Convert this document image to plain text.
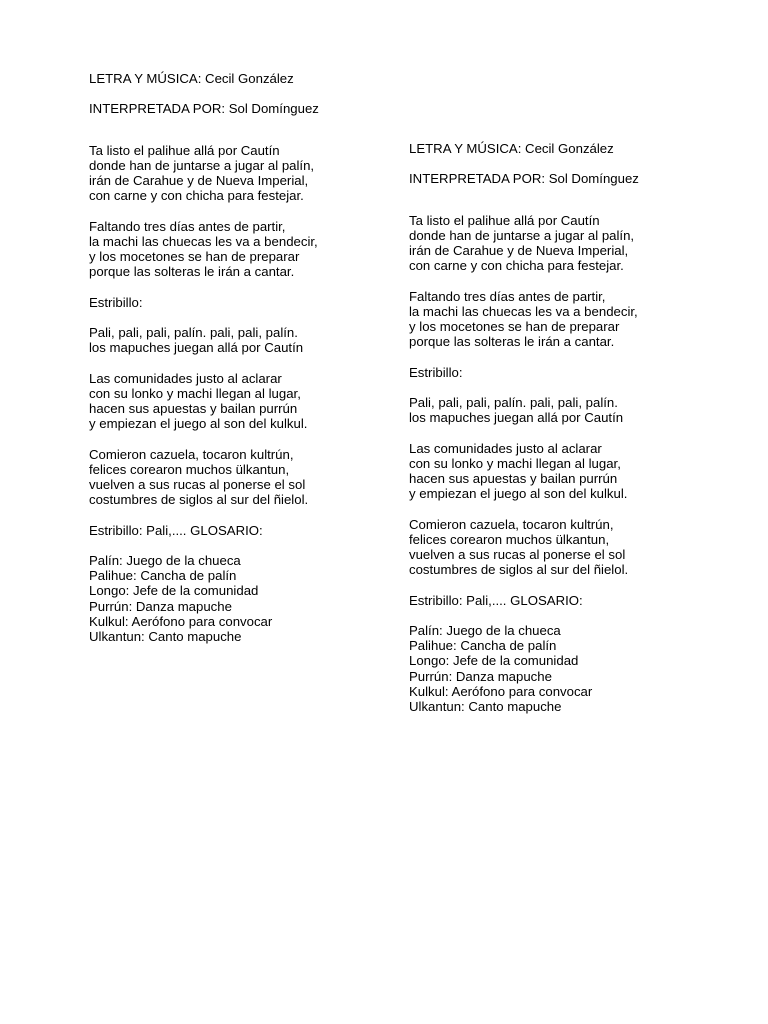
LETRA Y MÚSICA: Cecil González
INTERPRETADA POR: Sol Domínguez
Ta listo el palihue allá por Cautín
donde han de juntarse a jugar al palín,
irán de Carahue y de Nueva Imperial,
con carne y con chicha para festejar.
Faltando tres días antes de partir,
la machi las chuecas les va a bendecir,
y los mocetones se han de preparar
porque las solteras le irán a cantar.
Estribillo:
Pali, pali, pali, palín. pali, pali, palín.
los mapuches juegan allá por Cautín
Las comunidades justo al aclarar
con su lonko y machi llegan al lugar,
hacen sus apuestas y bailan purrún
y empiezan el juego al son del kulkul.
Comieron cazuela, tocaron kultrún,
felices corearon muchos ülkantun,
vuelven a sus rucas al ponerse el sol
costumbres de siglos al sur del ñielol.
Estribillo: Pali,.... GLOSARIO:
Palín: Juego de la chueca
Palihue: Cancha de palín
Longo: Jefe de la comunidad
Purrún: Danza mapuche
Kulkul: Aerófono para convocar
Ulkantun: Canto mapuche
LETRA Y MÚSICA: Cecil González
INTERPRETADA POR: Sol Domínguez
Ta listo el palihue allá por Cautín
donde han de juntarse a jugar al palín,
irán de Carahue y de Nueva Imperial,
con carne y con chicha para festejar.
Faltando tres días antes de partir,
la machi las chuecas les va a bendecir,
y los mocetones se han de preparar
porque las solteras le irán a cantar.
Estribillo:
Pali, pali, pali, palín. pali, pali, palín.
los mapuches juegan allá por Cautín
Las comunidades justo al aclarar
con su lonko y machi llegan al lugar,
hacen sus apuestas y bailan purrún
y empiezan el juego al son del kulkul.
Comieron cazuela, tocaron kultrún,
felices corearon muchos ülkantun,
vuelven a sus rucas al ponerse el sol
costumbres de siglos al sur del ñielol.
Estribillo: Pali,.... GLOSARIO:
Palín: Juego de la chueca
Palihue: Cancha de palín
Longo: Jefe de la comunidad
Purrún: Danza mapuche
Kulkul: Aerófono para convocar
Ulkantun: Canto mapuche
